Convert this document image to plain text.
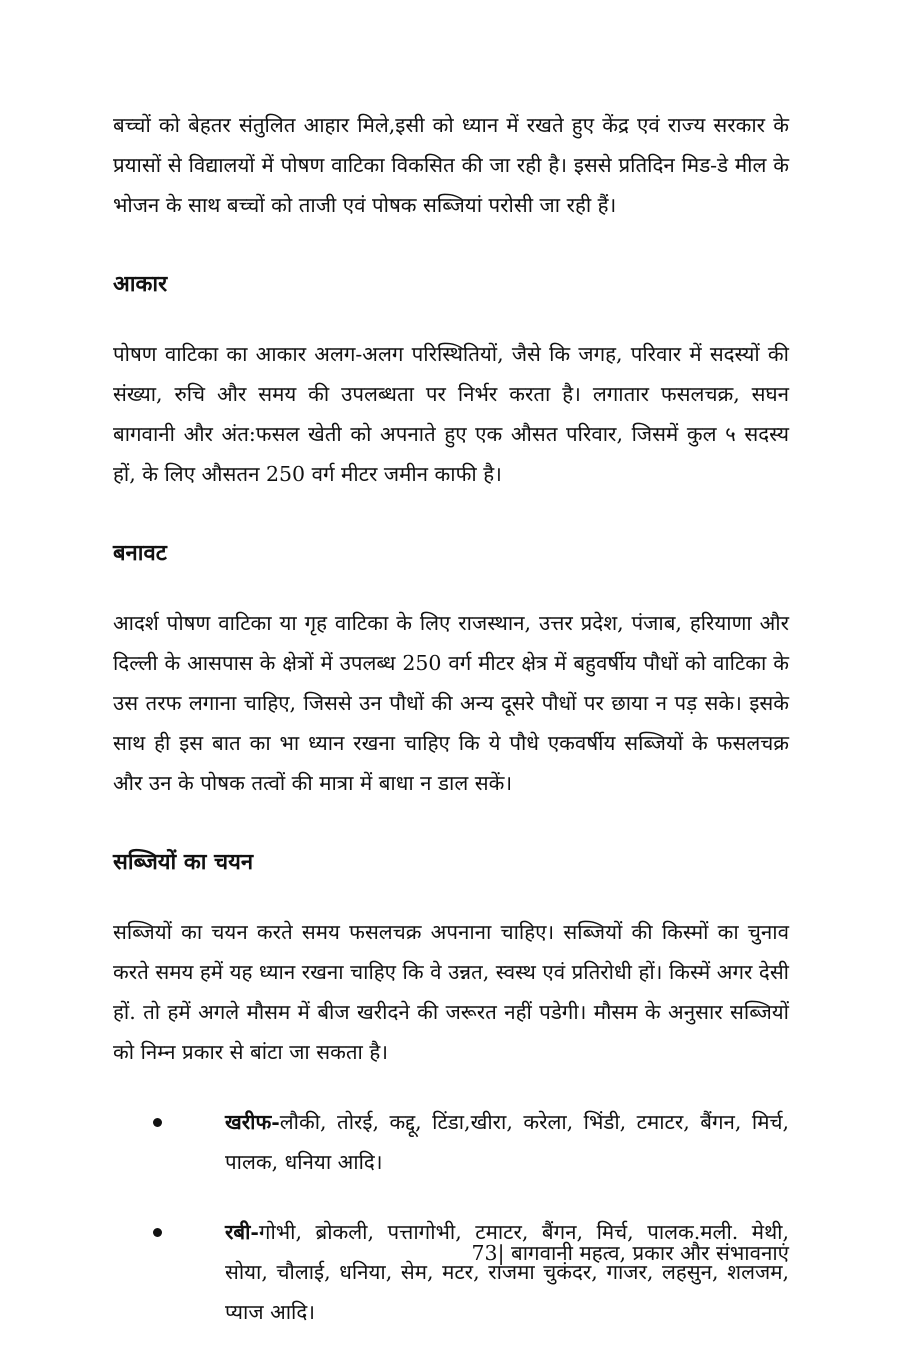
बच्चों को बेहतर संतुलित आहार मिले,इसी को ध्यान में रखते हुए केंद्र एवं राज्य सरकार के प्रयासों से विद्यालयों में पोषण वाटिका विकसित की जा रही है। इससे प्रतिदिन मिड-डे मील के भोजन के साथ बच्चों को ताजी एवं पोषक सब्जियां परोसी जा रही हैं।

आकार

पोषण वाटिका का आकार अलग-अलग परिस्थितियों, जैसे कि जगह, परिवार में सदस्यों की संख्या, रुचि और समय की उपलब्धता पर निर्भर करता है। लगातार फसलचक्र, सघन बागवानी और अंत:फसल खेती को अपनाते हुए एक औसत परिवार, जिसमें कुल ५ सदस्य हों, के लिए औसतन 250 वर्ग मीटर जमीन काफी है।

बनावट

आदर्श पोषण वाटिका या गृह वाटिका के लिए राजस्थान, उत्तर प्रदेश, पंजाब, हरियाणा और दिल्ली के आसपास के क्षेत्रों में उपलब्ध 250 वर्ग मीटर क्षेत्र में बहुवर्षीय पौधों को वाटिका के उस तरफ लगाना चाहिए, जिससे उन पौधों की अन्य दूसरे पौधों पर छाया न पड़ सके। इसके साथ ही इस बात का भा ध्यान रखना चाहिए कि ये पौधे एकवर्षीय सब्जियों के फसलचक्र और उन के पोषक तत्वों की मात्रा में बाधा न डाल सकें।

सब्जियों का चयन

सब्जियों का चयन करते समय फसलचक्र अपनाना चाहिए। सब्जियों की किस्मों का चुनाव करते समय हमें यह ध्यान रखना चाहिए कि वे उन्नत, स्वस्थ एवं प्रतिरोधी हों। किस्में अगर देसी हों. तो हमें अगले मौसम में बीज खरीदने की जरूरत नहीं पडेगी। मौसम के अनुसार सब्जियों को निम्न प्रकार से बांटा जा सकता है।

खरीफ-लौकी, तोरई, कद्दू, टिंडा,खीरा, करेला, भिंडी, टमाटर, बैंगन, मिर्च, पालक, धनिया आदि।

रबी-गोभी, ब्रोकली, पत्तागोभी, टमाटर, बैंगन, मिर्च, पालक.मली. मेथी, सोया, चौलाई, धनिया, सेम, मटर, राजमा चुकंदर, गाजर, लहसुन, शलजम, प्याज आदि।

73| बागवानी महत्व, प्रकार और संभावनाएं
